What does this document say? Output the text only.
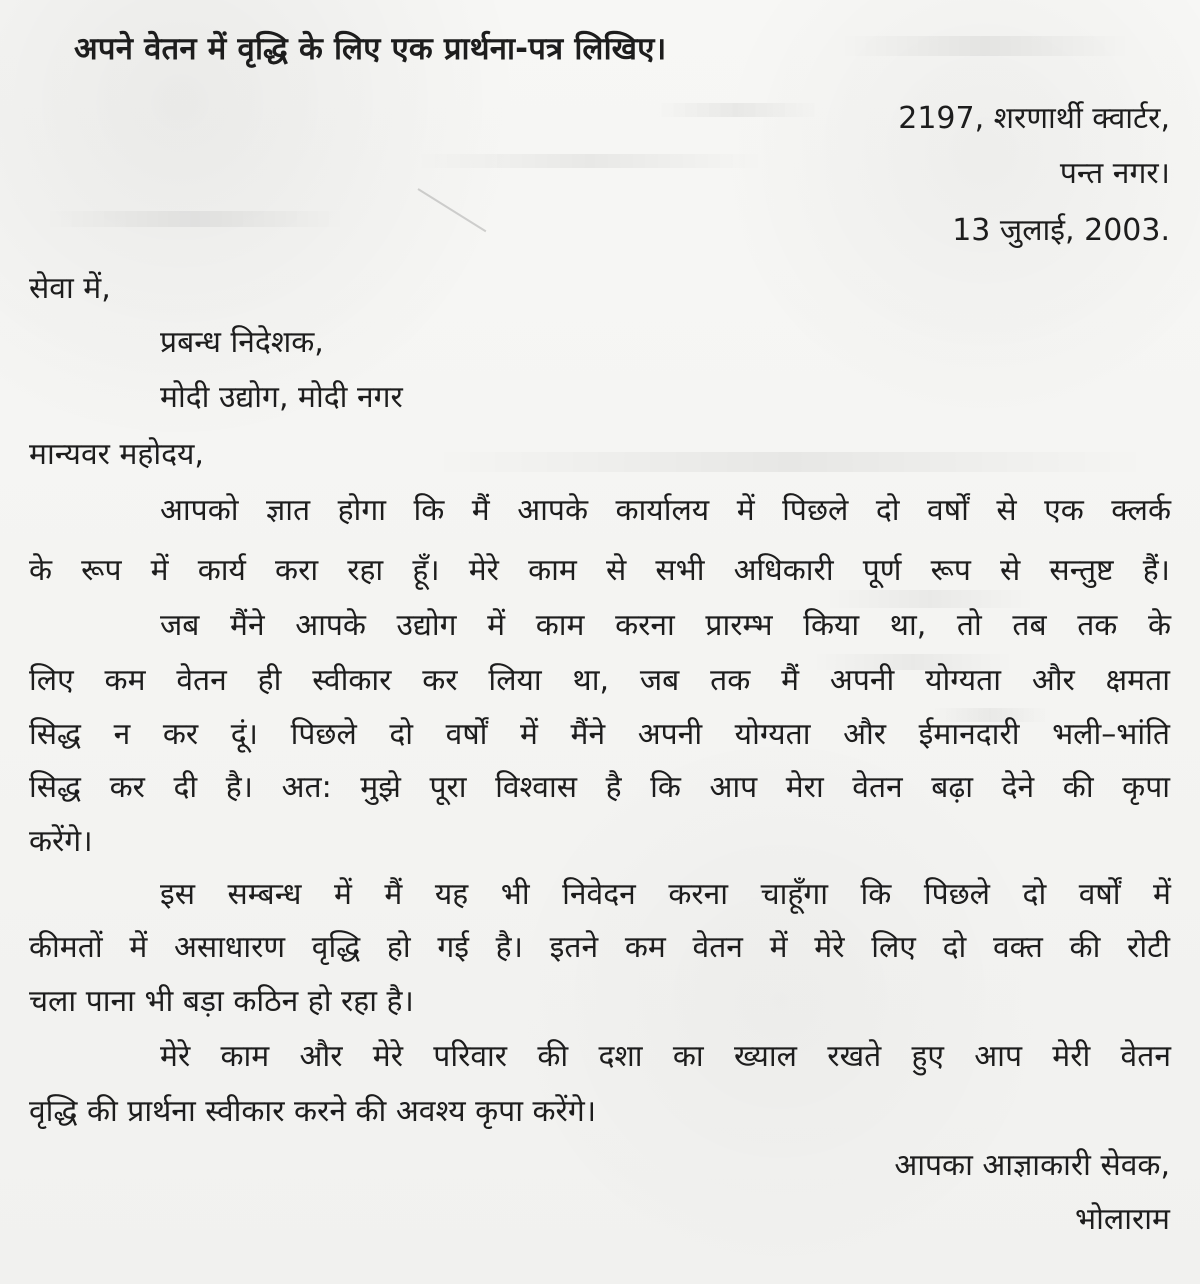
अपने वेतन में वृद्धि के लिए एक प्रार्थना-पत्र लिखिए।
2197, शरणार्थी क्वार्टर,
पन्त नगर।
13 जुलाई, 2003.
सेवा में,
प्रबन्ध निदेशक,
मोदी उद्योग, मोदी नगर
मान्यवर महोदय,
आपको ज्ञात होगा कि मैं आपके कार्यालय में पिछले दो वर्षों से एक क्लर्क
के रूप में कार्य करा रहा हूँ। मेरे काम से सभी अधिकारी पूर्ण रूप से सन्तुष्ट हैं।
जब मैंने आपके उद्योग में काम करना प्रारम्भ किया था, तो तब तक के
लिए कम वेतन ही स्वीकार कर लिया था, जब तक मैं अपनी योग्यता और क्षमता
सिद्ध न कर दूं। पिछले दो वर्षों में मैंने अपनी योग्यता और ईमानदारी भली–भांति
सिद्ध कर दी है। अत: मुझे पूरा विश्वास है कि आप मेरा वेतन बढ़ा देने की कृपा
करेंगे।
इस सम्बन्ध में मैं यह भी निवेदन करना चाहूँगा कि पिछले दो वर्षों में
कीमतों में असाधारण वृद्धि हो गई है। इतने कम वेतन में मेरे लिए दो वक्त की रोटी
चला पाना भी बड़ा कठिन हो रहा है।
मेरे काम और मेरे परिवार की दशा का ख्याल रखते हुए आप मेरी वेतन
वृद्धि की प्रार्थना स्वीकार करने की अवश्य कृपा करेंगे।
आपका आज्ञाकारी सेवक,
भोलाराम
